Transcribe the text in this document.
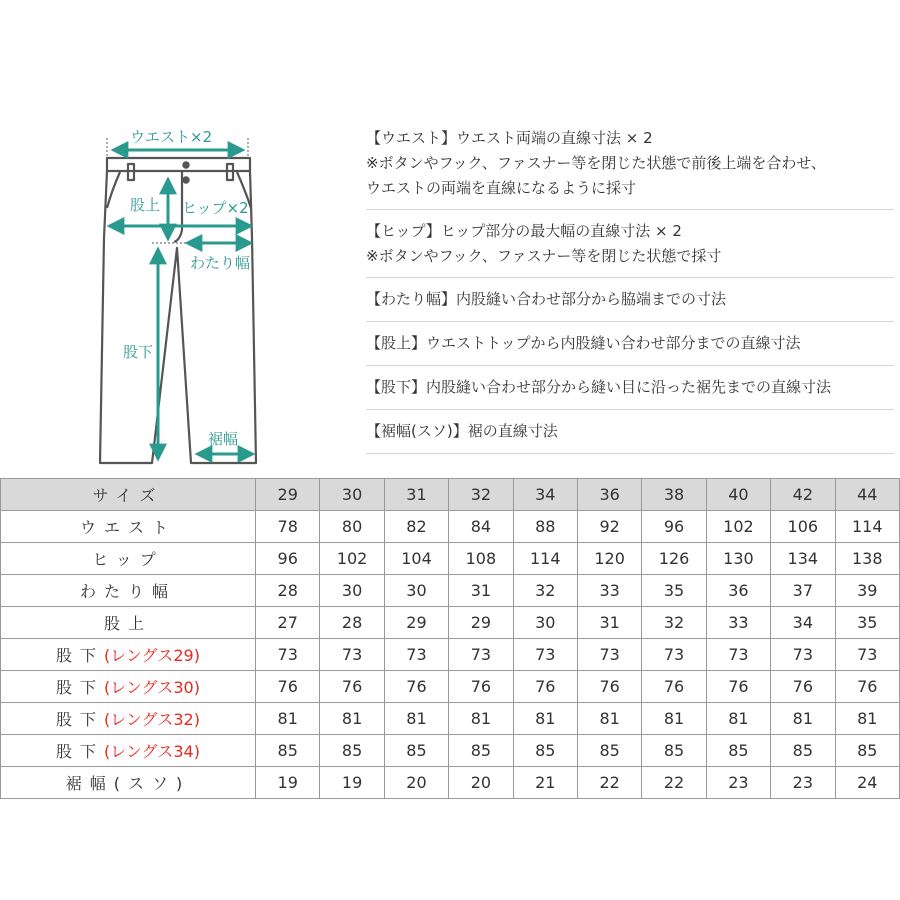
ウエスト×2
股上 ヒップ×2
わたり幅
股下
裾幅
【ウエスト】ウエスト両端の直線寸法 × 2
※ボタンやフック、ファスナー等を閉じた状態で前後上端を合わせ、
ウエストの両端を直線になるように採寸
【ヒップ】ヒップ部分の最大幅の直線寸法 × 2
※ボタンやフック、ファスナー等を閉じた状態で採寸
【わたり幅】内股縫い合わせ部分から脇端までの寸法
【股上】ウエストトップから内股縫い合わせ部分までの直線寸法
【股下】内股縫い合わせ部分から縫い目に沿った裾先までの直線寸法
【裾幅(スソ)】裾の直線寸法
サイズ	29	30	31	32	34	36	38	40	42	44
ウエスト	78	80	82	84	88	92	96	102	106	114
ヒップ	96	102	104	108	114	120	126	130	134	138
わたり幅	28	30	30	31	32	33	35	36	37	39
股上	27	28	29	29	30	31	32	33	34	35
股下(レングス29)	73	73	73	73	73	73	73	73	73	73
股下(レングス30)	76	76	76	76	76	76	76	76	76	76
股下(レングス32)	81	81	81	81	81	81	81	81	81	81
股下(レングス34)	85	85	85	85	85	85	85	85	85	85
裾幅(スソ)	19	19	20	20	21	22	22	23	23	24
